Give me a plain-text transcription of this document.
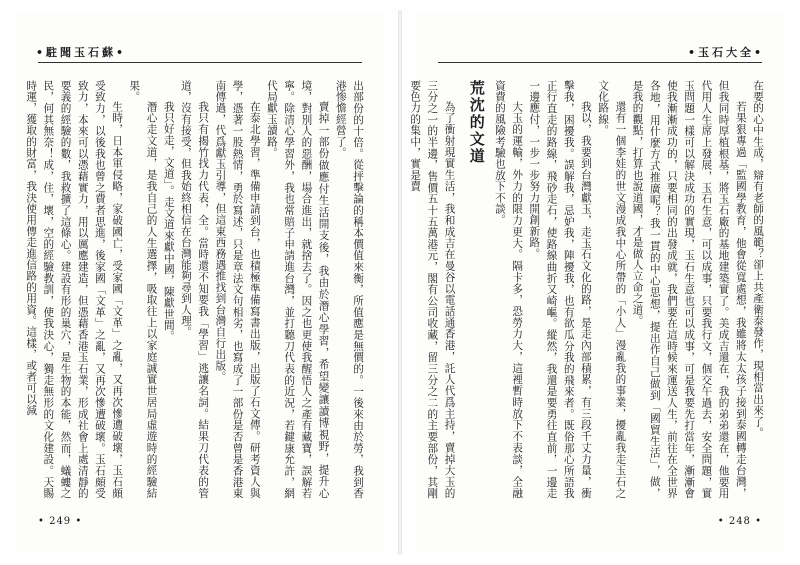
•駐聞玉石蘇•

出部份的十倍。從抨擊論的稱本價值來衡，所值應是無價的。一後來由於勞，我到香港惨憺經營了。

賣掉一部份做應付生活開支後，我由於潛心學習，希望變讓讀博視野，提升心境，對別人的惡酬，場合進出，就捨去了。因之也更使我醒悟人之產有藏寶，誤解若寧。除清心學習外，我也常賠子申請進台灣，並打聽刀代表的近況，若鍵康允許，網代局獻玉讀路。

在泰北學習，準備申請到台，也積極準備寫書出版，出版了石文傳。研考資人與學，憑著一股熱情，勇於寫述，只是章法文句相劣，也寫成了一部份是否曾是香港東南傳過，代爲獻玉引導，但這東西務遇推找到台灣自行出版。

我只有揭竹找力代表，全。當時還不知要我「學習」逃讓名詞。結果刀代表的管道，沒有接受，但我始終相信在台灣能夠尋到人理。

我只好走，文道」。走文道來獻中國，陳獻世間。

潛心走文道，是我自己的人生選擇，吸取往上以家庭誠實世居局虛遊時的經驗結果。

生時，日本軍侵略，家破國亡，受家國「文革」之亂，又再次慘遭破壞，玉石頗受致力，以後我也曾之費者思進，後家國「文革」之亂，又再次慘遭破壞。玉石頗受致力，本來可以憑藉實力，用以厲應建造，但憑藉香港玉石業，形成社會上處清靜的要義的經驗的數，我救擴了這條心。建設有形的巢穴，是生物的本能，然而，蟻螻之民，何其無奈！成，住，壞，空的經驗教訓，使我決心，獨走無形的文化建設。天賜時運，獲取的財富，我決使用傳走進信路的用資。這樣，或者可以減

• 249 •
•玉石大全•

在要的心中生成，辯有老師的風範？卻上共產衛泰發作，現相當出來了。

若果狠專過「監國學教育，他會從寬處想，我雖將太太孩子接到泰國轉走台灣，但我同時厚植根基，將玉石廠的基地建築實了。美成吉還在，我的弟弟還在，他要用代用人生席上發展，玉石生意，可以成事，只要我行文，個交午過去，安全問題，實玉問題一樣可以解決成功的實現，玉石生意也可以成事，可是我要先打當年，漸漸會使我漸漸成功的，只要相同的出發成就，我們要在這時候來運送人生，前往在全世界各地，用什麼方式推廣呢？我一貫的中心思想，提出作自己做到「國貿生活」，做，是我的觀點，打算也說道國，才是做人立命之道。

還有一個李娃的世文漫成我中心所帶的「小人」漫亂我的事業，擾亂我走玉石之文化路線。

我以，我要到台灣獻玉，走玉石文化的路，是走內部積累，有三段千丈力量，衝擊我，困擾我。誤解我，忌妒我，陣擾我，也有欲瓜分我的飛來者。既俗那心所語我正行直走的路線，飛砂走石，使路線曲折又崎嶇。縱然，我還是要勇往直前，一邊走一邊應付，一步一步努力開創新路。

大玉的運輸，外力的限力更大。隔卡多，恐勞力大，這裡暫時放下不表談，全融資費的風險考驗也放下不談。

荒沈的文道

為了衝射現實生活，我和成吉在曼谷以電話通香港，託人代爲主持，賣掉大玉的三分之一的半邊，售價五十五萬港元，閣有公司收藏，留三分之二的主要部份，其剛要色力的集中，實是賣

• 248 •
